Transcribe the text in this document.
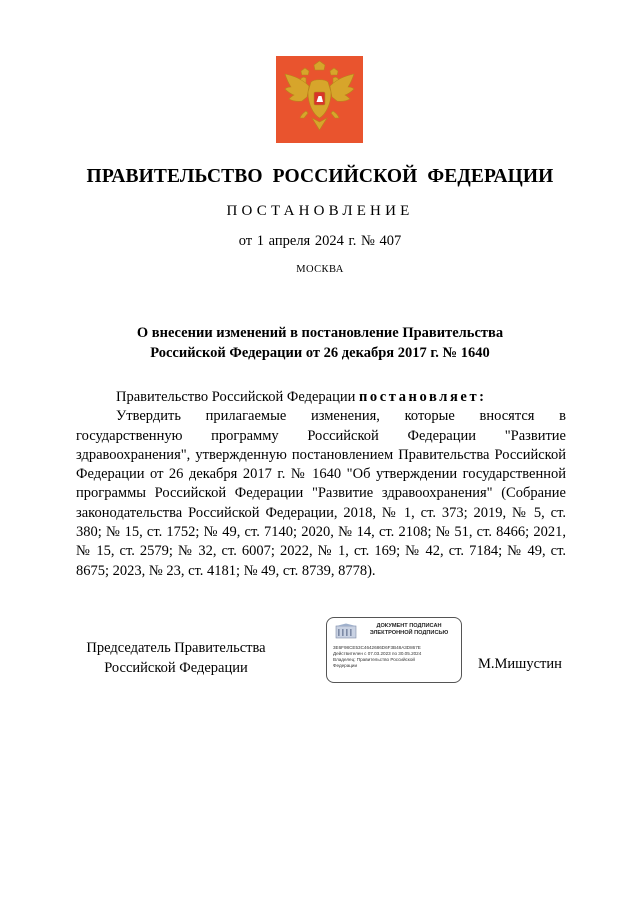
ПРАВИТЕЛЬСТВО РОССИЙСКОЙ ФЕДЕРАЦИИ
ПОСТАНОВЛЕНИЕ
от 1 апреля 2024 г. № 407
МОСКВА
О внесении изменений в постановление Правительства
Российской Федерации от 26 декабря 2017 г. № 1640

Правительство Российской Федерации постановляет:

Утвердить прилагаемые изменения, которые вносятся в государственную программу Российской Федерации "Развитие здравоохранения", утвержденную постановлением Правительства Российской Федерации от 26 декабря 2017 г. № 1640 "Об утверждении государственной программы Российской Федерации "Развитие здравоохранения" (Собрание законодательства Российской Федерации, 2018, № 1, ст. 373; 2019, № 5, ст. 380; № 15, ст. 1752; № 49, ст. 7140; 2020, № 14, ст. 2108; № 51, ст. 8466; 2021, № 15, ст. 2579; № 32, ст. 6007; 2022, № 1, ст. 169; № 42, ст. 7184; № 49, ст. 8675; 2023, № 23, ст. 4181; № 49, ст. 8739, 8778).

Председатель Правительства
Российской Федерации
ДОКУМЕНТ ПОДПИСАН
ЭЛЕКТРОННОЙ ПОДПИСЬЮ
3E6F98CE53C4642686D6F3B48A3D867E
Действителен с 07.03.2023 по 30.05.2024
Владелец: Правительство Российской
Федерации	М.Мишустин
